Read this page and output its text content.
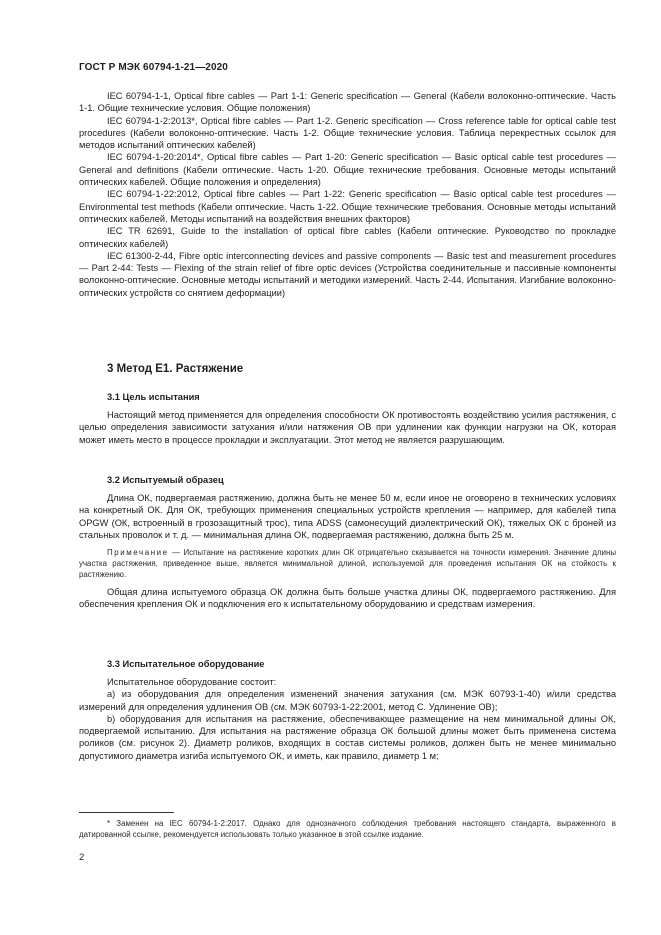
ГОСТ Р МЭК 60794-1-21—2020

IEC 60794-1-1, Optical fibre cables — Part 1-1: Generic specification — General (Кабели волоконно-оптические. Часть 1-1. Общие технические условия. Общие положения)

IEC 60794-1-2:2013*, Optical fibre cables — Part 1-2. Generic specification — Cross reference table for optical cable test procedures (Кабели волоконно-оптические. Часть 1-2. Общие технические условия. Таблица перекрестных ссылок для методов испытаний оптических кабелей)

IEC 60794-1-20:2014*, Optical fibre cables — Part 1-20: Generic specification — Basic optical cable test procedures — General and definitions (Кабели оптические. Часть 1-20. Общие технические требования. Основные методы испытаний оптических кабелей. Общие положения и определения)

IEC 60794-1-22:2012, Optical fibre cables — Part 1-22: Generic specification — Basic optical cable test procedures — Environmental test methods (Кабели оптические. Часть 1-22. Общие технические требования. Основные методы испытаний оптических кабелей. Методы испытаний на воздействия внешних факторов)

IEC TR 62691, Guide to the installation of optical fibre cables (Кабели оптические. Руководство по прокладке оптических кабелей)

IEC 61300-2-44, Fibre optic interconnecting devices and passive components — Basic test and measurement procedures — Part 2-44: Tests — Flexing of the strain relief of fibre optic devices (Устройства соединительные и пассивные компоненты волоконно-оптические. Основные методы испытаний и методики измерений. Часть 2-44. Испытания. Изгибание волоконно-оптических устройств со снятием деформации)

3 Метод Е1. Растяжение

3.1 Цель испытания

Настоящий метод применяется для определения способности ОК противостоять воздействию усилия растяжения, с целью определения зависимости затухания и/или натяжения ОВ при удлинении как функции нагрузки на ОК, которая может иметь место в процессе прокладки и эксплуатации. Этот метод не является разрушающим.

3.2 Испытуемый образец

Длина ОК, подвергаемая растяжению, должна быть не менее 50 м, если иное не оговорено в технических условиях на конкретный ОК. Для ОК, требующих применения специальных устройств крепления — например, для кабелей типа OPGW (ОК, встроенный в грозозащитный трос), типа ADSS (самонесущий диэлектрический ОК), тяжелых ОК с броней из стальных проволок и т. д. — минимальная длина ОК, подвергаемая растяжению, должна быть 25 м.

Примечание — Испытание на растяжение коротких длин ОК отрицательно сказывается на точности измерения. Значение длины участка растяжения, приведенное выше, является минимальной длиной, используемой для проведения испытания ОК на стойкость к растяжению.

Общая длина испытуемого образца ОК должна быть больше участка длины ОК, подвергаемого растяжению. Для обеспечения крепления ОК и подключения его к испытательному оборудованию и средствам измерения.

3.3 Испытательное оборудование

Испытательное оборудование состоит:

a) из оборудования для определения изменений значения затухания (см. МЭК 60793-1-40) и/или средства измерений для определения удлинения ОВ (см. МЭК 60793-1-22:2001, метод С. Удлинение ОВ);

b) оборудования для испытания на растяжение, обеспечивающее размещение на нем минимальной длины ОК, подвергаемой испытанию. Для испытания на растяжение образца ОК большой длины может быть применена система роликов (см. рисунок 2). Диаметр роликов, входящих в состав системы роликов, должен быть не менее минимально допустимого диаметра изгиба испытуемого ОК, и иметь, как правило, диаметр 1 м;

* Заменен на IEC 60794-1-2:2017. Однако для однозначного соблюдения требования настоящего стандарта, выраженного в датированной ссылке, рекомендуется использовать только указанное в этой ссылке издание.
2
